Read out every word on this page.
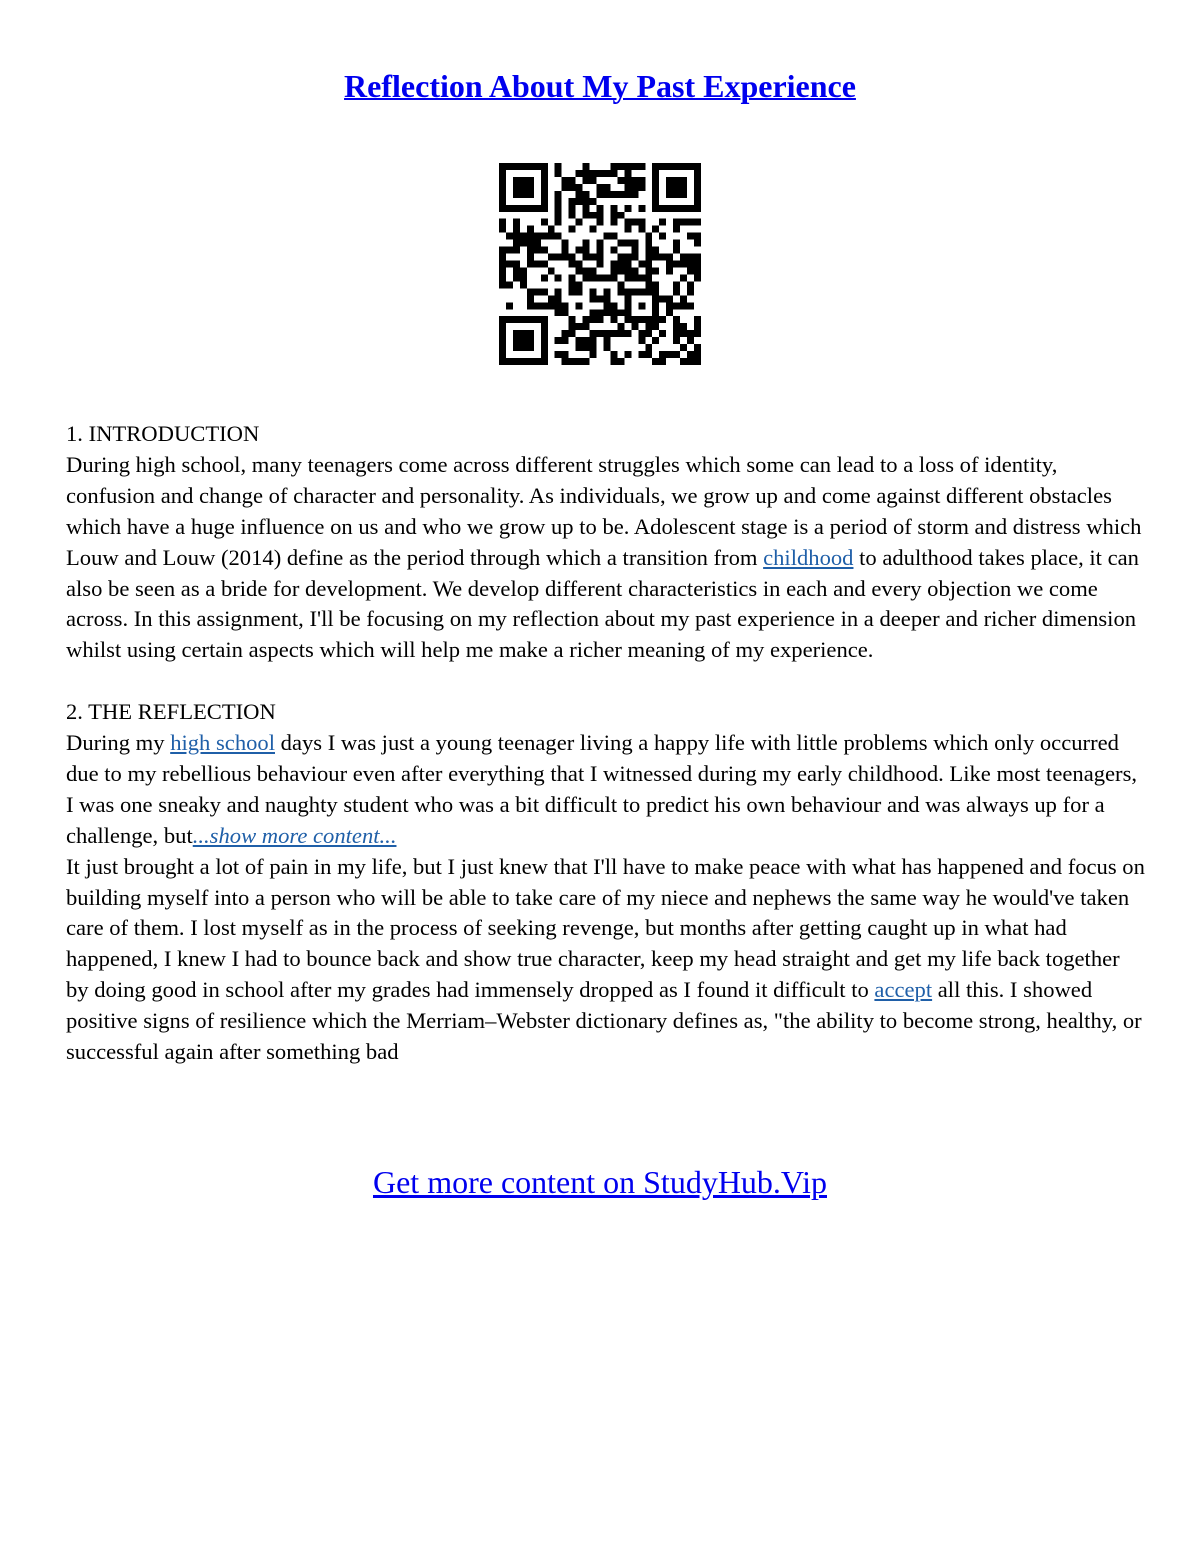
Reflection About My Past Experience

1. INTRODUCTION

During high school, many teenagers come across different struggles which some can lead to a loss of identity, confusion and change of character and personality. As individuals, we grow up and come against different obstacles which have a huge influence on us and who we grow up to be. Adolescent stage is a period of storm and distress which Louw and Louw (2014) define as the period through which a transition from childhood to adulthood takes place, it can also be seen as a bride for development. We develop different characteristics in each and every objection we come across. In this assignment, I'll be focusing on my reflection about my past experience in a deeper and richer dimension whilst using certain aspects which will help me make a richer meaning of my experience.

2. THE REFLECTION

During my high school days I was just a young teenager living a happy life with little problems which only occurred due to my rebellious behaviour even after everything that I witnessed during my early childhood. Like most teenagers, I was one sneaky and naughty student who was a bit difficult to predict his own behaviour and was always up for a challenge, but...show more content...
It just brought a lot of pain in my life, but I just knew that I'll have to make peace with what has happened and focus on building myself into a person who will be able to take care of my niece and nephews the same way he would've taken care of them. I lost myself as in the process of seeking revenge, but months after getting caught up in what had happened, I knew I had to bounce back and show true character, keep my head straight and get my life back together by doing good in school after my grades had immensely dropped as I found it difficult to accept all this. I showed positive signs of resilience which the Merriam–Webster dictionary defines as, "the ability to become strong, healthy, or successful again after something bad

Get more content on StudyHub.Vip
